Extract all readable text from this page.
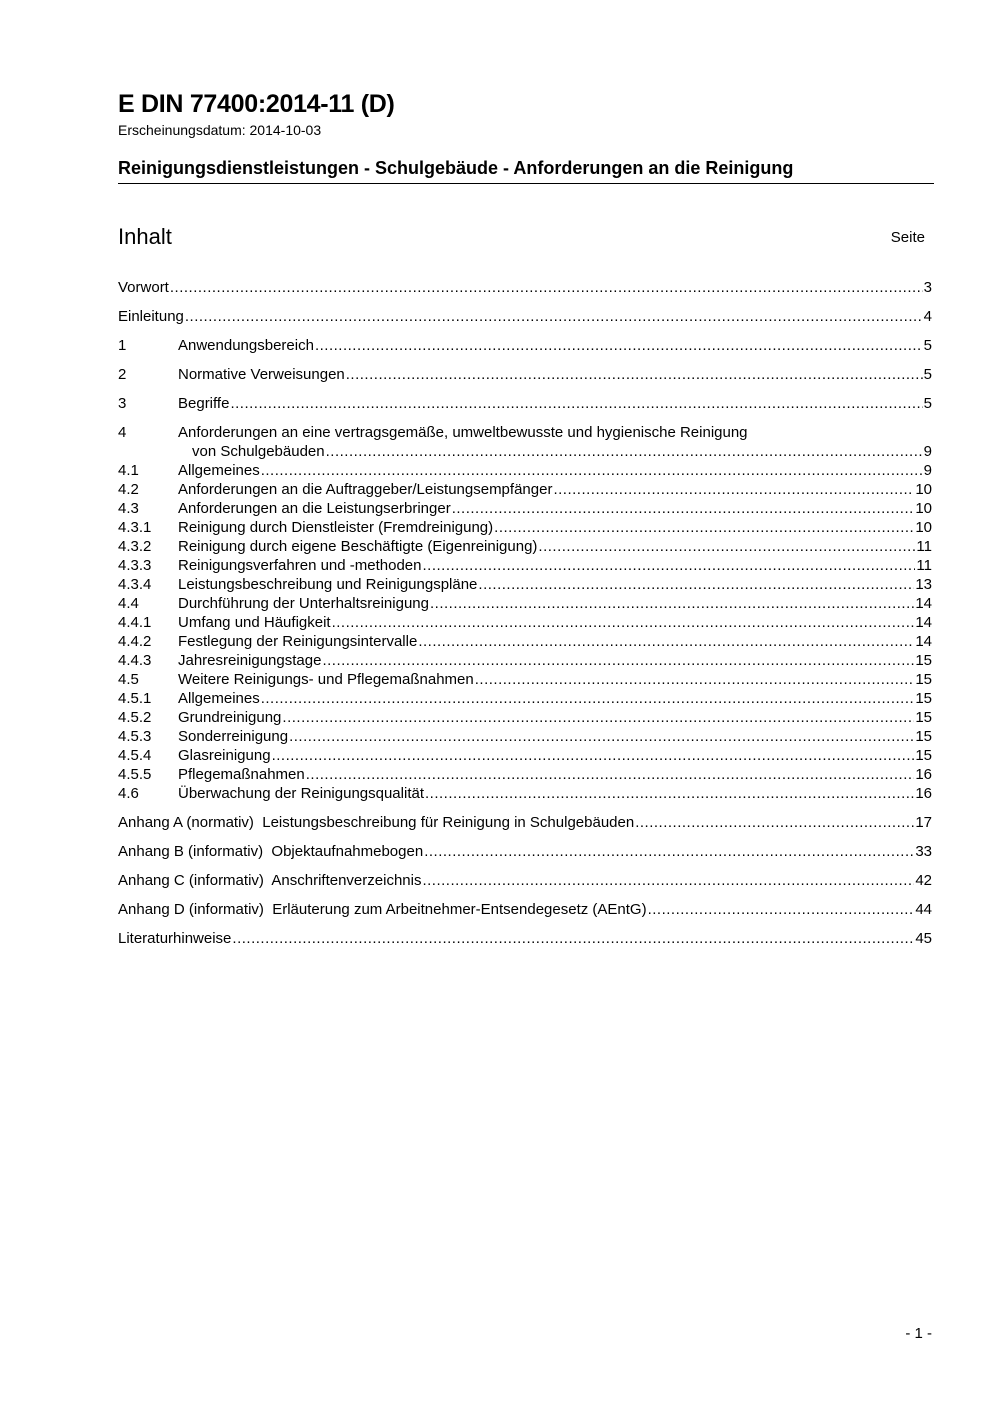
E DIN 77400:2014-11 (D)
Erscheinungsdatum: 2014-10-03
Reinigungsdienstleistungen - Schulgebäude - Anforderungen an die Reinigung
Inhalt	Seite
Vorwort .....	3
Einleitung .....	4
1	Anwendungsbereich .....	5
2	Normative Verweisungen .....	5
3	Begriffe .....	5
4	Anforderungen an eine vertragsgemäße, umweltbewusste und hygienische Reinigung
von Schulgebäuden .....	9
4.1	Allgemeines .....	9
4.2	Anforderungen an die Auftraggeber/Leistungsempfänger .....	10
4.3	Anforderungen an die Leistungserbringer .....	10
4.3.1	Reinigung durch Dienstleister (Fremdreinigung) .....	10
4.3.2	Reinigung durch eigene Beschäftigte (Eigenreinigung) .....	11
4.3.3	Reinigungsverfahren und -methoden .....	11
4.3.4	Leistungsbeschreibung und Reinigungspläne .....	13
4.4	Durchführung der Unterhaltsreinigung .....	14
4.4.1	Umfang und Häufigkeit .....	14
4.4.2	Festlegung der Reinigungsintervalle .....	14
4.4.3	Jahresreinigungstage .....	15
4.5	Weitere Reinigungs- und Pflegemaßnahmen .....	15
4.5.1	Allgemeines .....	15
4.5.2	Grundreinigung .....	15
4.5.3	Sonderreinigung .....	15
4.5.4	Glasreinigung .....	15
4.5.5	Pflegemaßnahmen .....	16
4.6	Überwachung der Reinigungsqualität .....	16
Anhang A (normativ)  Leistungsbeschreibung für Reinigung in Schulgebäuden .....	17
Anhang B (informativ)  Objektaufnahmebogen .....	33
Anhang C (informativ)  Anschriftenverzeichnis .....	42
Anhang D (informativ)  Erläuterung zum Arbeitnehmer-Entsendegesetz (AEntG) .....	44
Literaturhinweise .....	45
- 1 -
